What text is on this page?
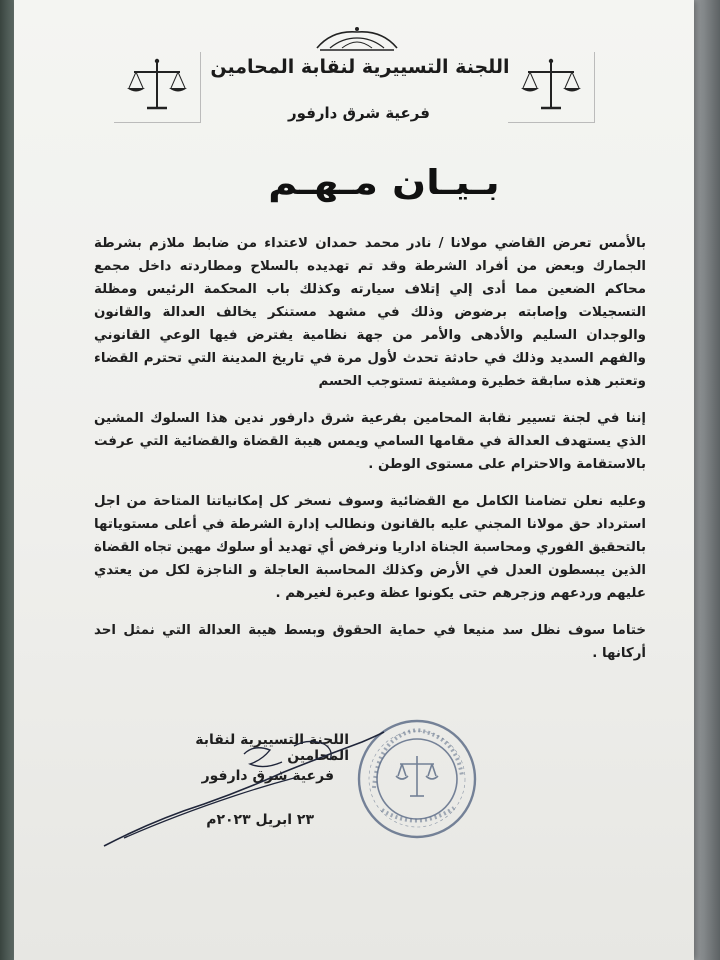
اللجنة التسييرية لنقابة المحامين
فرعية شرق دارفور
بـيـان مـهـم

بالأمس تعرض القاضي مولانا / نادر محمد حمدان لاعتداء من ضابط ملازم بشرطة الجمارك وبعض من أفراد الشرطة وقد تم تهديده بالسلاح ومطاردته داخل مجمع محاكم الضعين مما أدى إلي إتلاف سيارته وكذلك باب المحكمة الرئيس ومظلة التسجيلات وإصابته برضوض وذلك في مشهد مستنكر يخالف العدالة والقانون والوجدان السليم والأدهى والأمر من جهة نظامية يفترض فيها الوعي القانوني والفهم السديد وذلك في حادثة تحدث لأول مرة في تاريخ المدينة التي تحترم القضاء وتعتبر هذه سابقة خطيرة ومشينة تستوجب الحسم

إننا في لجنة تسيير نقابة المحامين بفرعية شرق دارفور ندين هذا السلوك المشين الذي يستهدف العدالة في مقامها السامي ويمس هيبة القضاة والقضائية التي عرفت بالاستقامة والاحترام على مستوى الوطن .

وعليه نعلن تضامنا الكامل مع القضائية وسوف نسخر كل إمكانياتنا المتاحة من اجل استرداد حق مولانا المجني عليه بالقانون ونطالب إدارة الشرطة في أعلى مستوياتها بالتحقيق الفوري ومحاسبة الجناة اداريا ونرفض أي تهديد أو سلوك مهين تجاه القضاة الذين يبسطون العدل في الأرض وكذلك المحاسبة العاجلة و الناجزة لكل من يعتدي عليهم وردعهم وزجرهم حتى يكونوا عظة وعبرة لغيرهم .

ختاما سوف نظل سد منيعا في حماية الحقوق وبسط هيبة العدالة التي نمثل احد أركانها .

اللجنة التسييرية لنقابة المحامين
فرعية شرق دارفور
٢٣ ابريل ٢٠٢٣م
